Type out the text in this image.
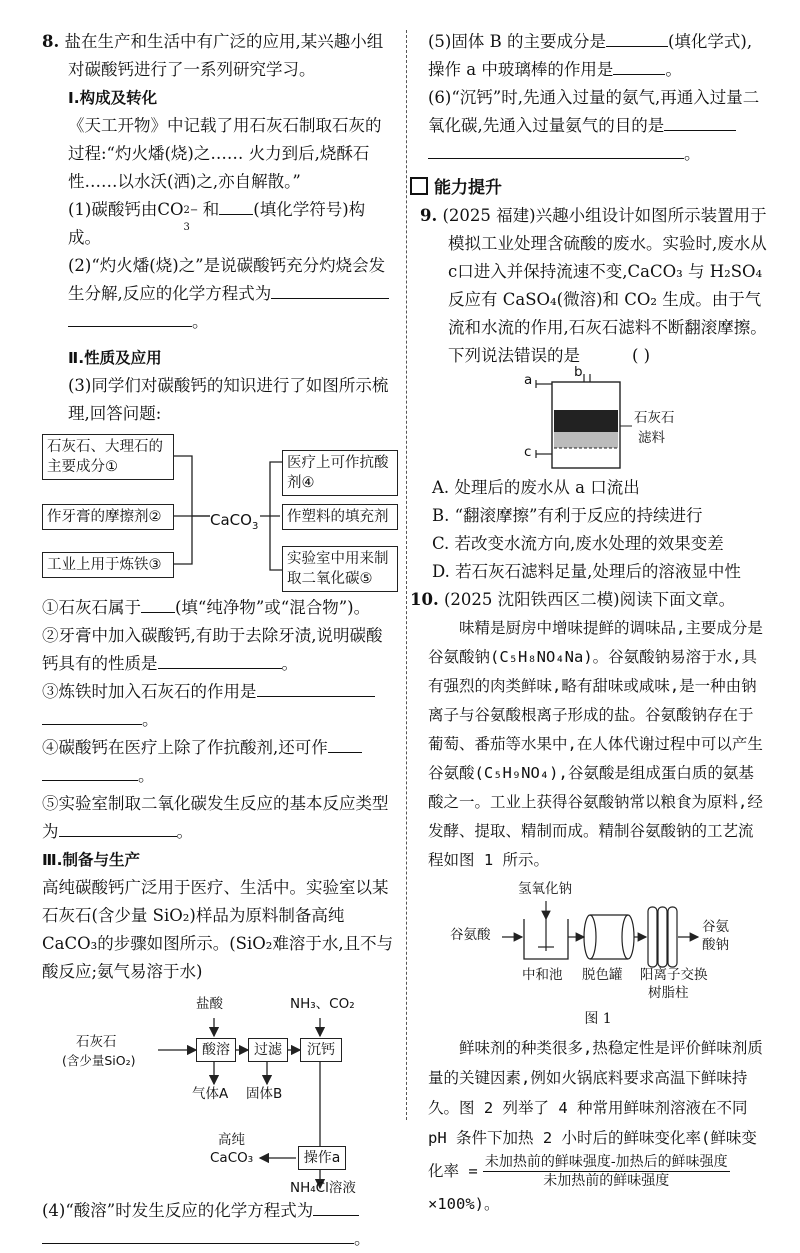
8. 盐在生产和生活中有广泛的应用,某兴趣小组对碳酸钙进行了一系列研究学习。
Ⅰ.构成及转化
《天工开物》中记载了用石灰石制取石灰的过程:“灼火燔(烧)之…… 火力到后,烧酥石性……以水沃(洒)之,亦自解散。”
(1)碳酸钙由CO 2−
3
和 (填化学符号)构成。
(2)“灼火燔(烧)之”是说碳酸钙充分灼烧会发生分解,反应的化学方程式为 。
Ⅱ.性质及应用
(3)同学们对碳酸钙的知识进行了如图所示梳理,回答问题:
石灰石、大理石的主要成分①
作牙膏的摩擦剂②
工业上用于炼铁③
CaCO$_3$
医疗上可作抗酸剂④
作塑料的填充剂
实验室中用来制取二氧化碳⑤
①石灰石属于 (填“纯净物”或“混合物”)。
②牙膏中加入碳酸钙,有助于去除牙渍,说明碳酸钙具有的性质是	。
③炼铁时加入石灰石的作用是 。
④碳酸钙在医疗上除了作抗酸剂,还可作 。
⑤实验室制取二氧化碳发生反应的基本反应类型为	。
Ⅲ.制备与生产
高纯碳酸钙广泛用于医疗、生活中。实验室以某石灰石(含少量 SiO₂)样品为原料制备高纯CaCO₃的步骤如图所示。(SiO₂难溶于水,且不与酸反应;氨气易溶于水)
盐酸	NH₃、CO₂
石灰石
(含少量SiO₂)
酸溶	过滤	沉钙
气体A 固体B
高纯
CaCO₃	操作a
NH₄Cl溶液
(4)“酸溶”时发生反应的化学方程式为 。
(5)固体 B 的主要成分是	(填化学式),操作 a 中玻璃棒的作用是	。
(6)“沉钙”时,先通入过量的氨气,再通入过量二氧化碳,先通入过量氨气的目的是 。
能力提升
9. (2025 福建)兴趣小组设计如图所示装置用于模拟工业处理含硫酸的废水。实验时,废水从c口进入并保持流速不变,CaCO₃ 与 H₂SO₄ 反应有 CaSO₄(微溶)和 CO₂ 生成。由于气流和水流的作用,石灰石滤料不断翻滚摩擦。下列说法错误的是	( )
a	b
c
石灰石
滤料
A. 处理后的废水从 a 口流出
B. “翻滚摩擦”有利于反应的持续进行
C. 若改变水流方向,废水处理的效果变差
D. 若石灰石滤料足量,处理后的溶液显中性
10. (2025 沈阳铁西区二模)阅读下面文章。
味精是厨房中增味提鲜的调味品,主要成分是谷氨酸钠(C₅H₈NO₄Na)。谷氨酸钠易溶于水,具有强烈的肉类鲜味,略有甜味或咸味,是一种由钠离子与谷氨酸根离子形成的盐。谷氨酸钠存在于葡萄、番茄等水果中,在人体代谢过程中可以产生谷氨酸(C₅H₉NO₄),谷氨酸是组成蛋白质的氨基酸之一。工业上获得谷氨酸钠常以粮食为原料,经发酵、提取、精制而成。精制谷氨酸钠的工艺流程如图 1 所示。
氢氧化钠
谷氨酸	谷氨
酸钠
中和池 脱色罐 阳离子交换
树脂柱
图 1
鲜味剂的种类很多,热稳定性是评价鲜味剂质量的关键因素,例如火锅底料要求高温下鲜味持久。图 2 列举了 4 种常用鲜味剂溶液在不同 pH 条件下加热 2 小时后的鲜味变化率(鲜味变
化率 = $\frac{\text{未加热前的鲜味强度-加热后的鲜味强度}}{\text{未加热前的鲜味强度}}$
×100%)。
